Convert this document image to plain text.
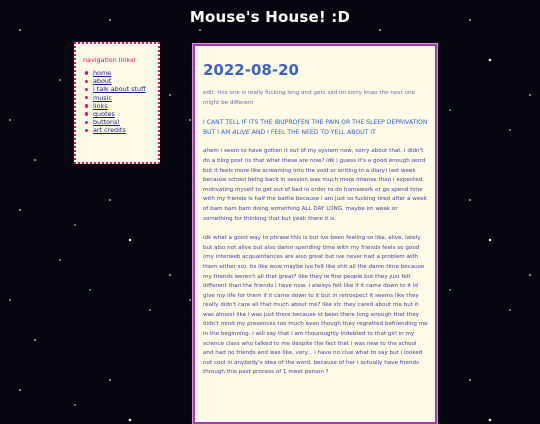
Mouse's House! :D
navigation links!
home
about
i talk about stuff
music
links
quotes
buttons!
art credits
2022-08-20

edit: this one is really fucking long and gets sad im sorry lmao the next one might be different

I CANT TELL IF ITS THE IBUPROFEN THE PAIN OR THE SLEEP DEPRIVATION BUT I AM ALIVE AND I FEEL THE NEED TO YELL ABOUT IT

ahem i seem to have gotten it out of my system now, sorry about that. i didn't do a blog post (is that what these are now? idk i guess it's a good enough word but it feels more like screaming into the void or writing in a diary) last week because school being back in session was much more intense than i expected. motivating myself to get out of bed in order to do homework or go spend time with my friends is half the battle because i am just so fucking tired after a week of bam bam bam doing something ALL DAY LONG. maybe im weak or something for thinking that but yeah there it is.

idk what a good way to phrase this is but ive been feeling so like, alive, lately but also not alive but also damn spending time with my friends feels so good (my interweb acquaintances are also great but ive never had a problem with them either so). its like wow maybe ive felt like shit all the damn time because my friends weren't all that great? like they're fine people but they just felt different than the friends i have now. i always felt like if it came down to it id give my life for them if it came down to it but in retrospect it seems like they really didn't care all that much about me? like sfc they cared about me but it was almost like i was just there because id been there long enough that they didn't mind my presences too much even though they regretted befriending me in the beginning. i will say that i am thouroughly indebted to that girl in my science class who talked to me despite the fact that i was new to the school and had no friends and was like, very... i have no clue what to say but i looked not cool in anybody's idea of the word. because of her i actually have friends through this past process of 1 meet person ?
